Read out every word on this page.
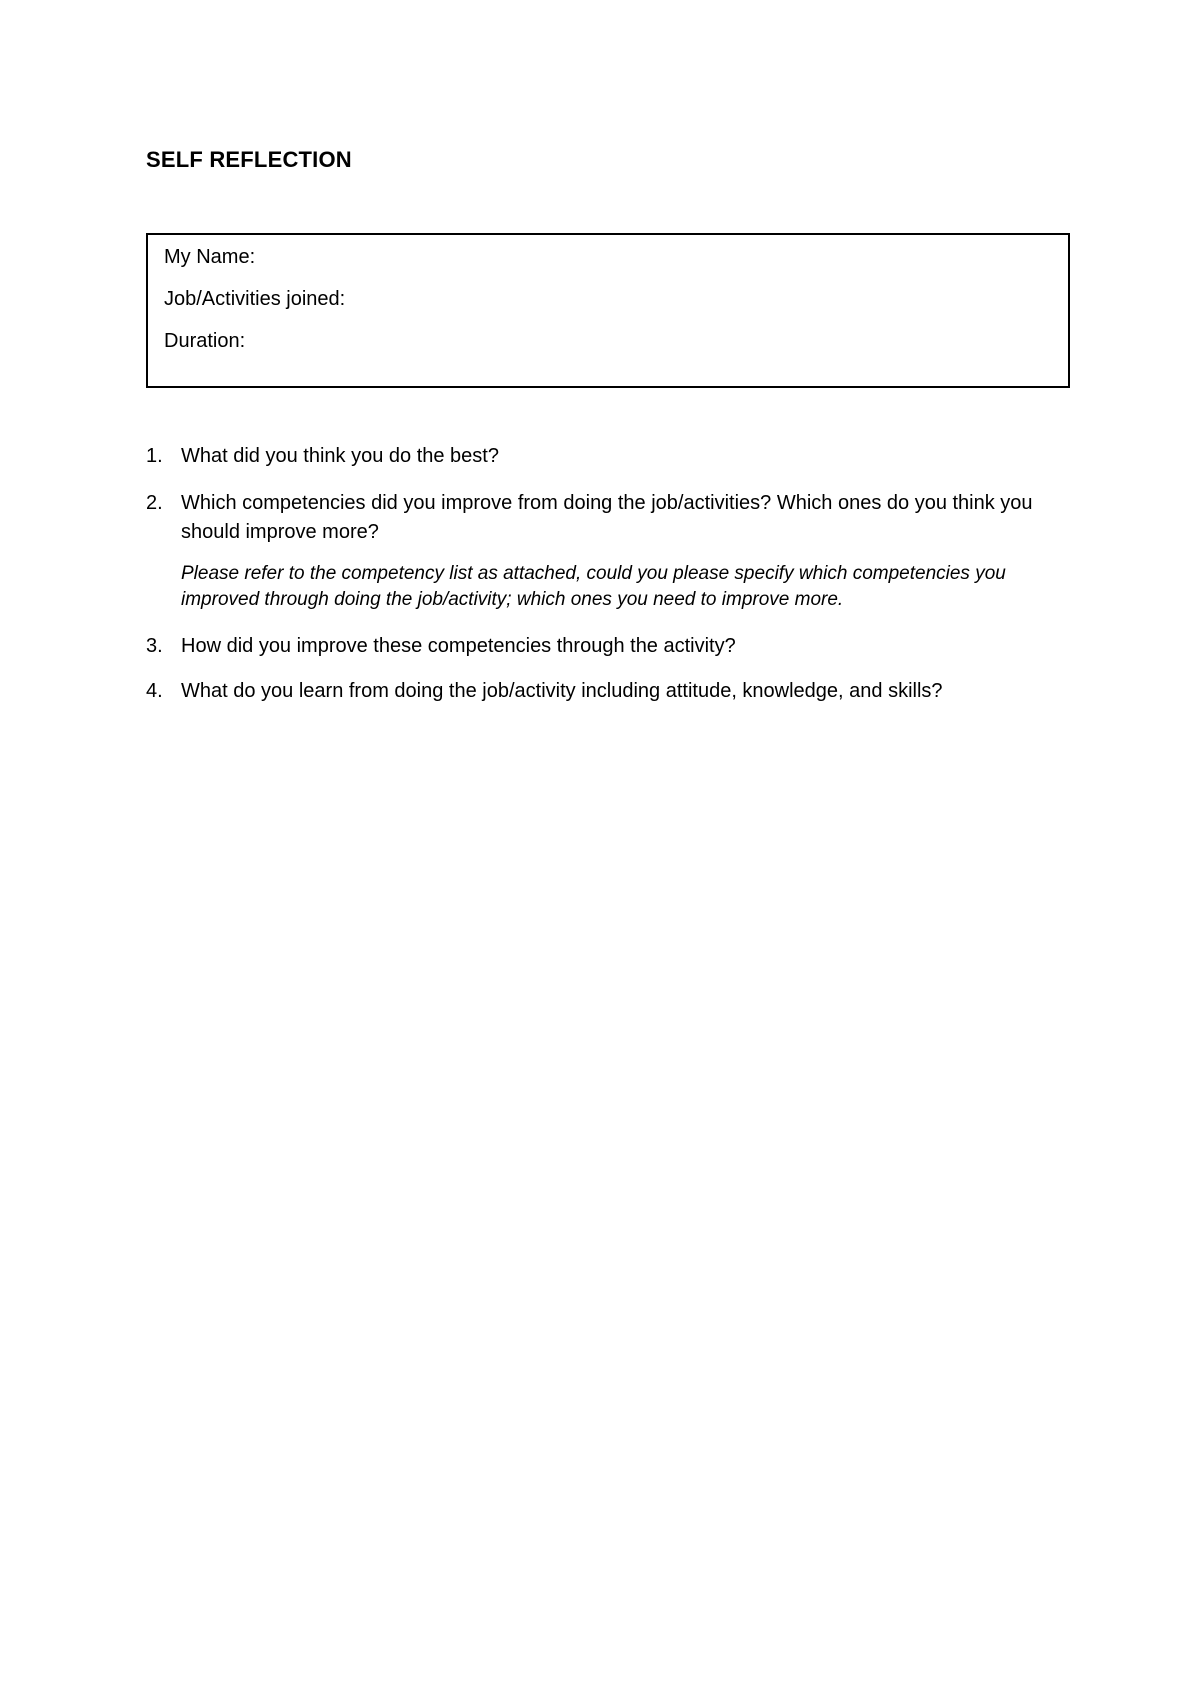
SELF REFLECTION
My Name:
Job/Activities joined:
Duration:
1. What did you think you do the best?
2. Which competencies did you improve from doing the job/activities? Which ones do you think you should improve more?
Please refer to the competency list as attached, could you please specify which competencies you improved through doing the job/activity; which ones you need to improve more.
3. How did you improve these competencies through the activity?
4. What do you learn from doing the job/activity including attitude, knowledge, and skills?
